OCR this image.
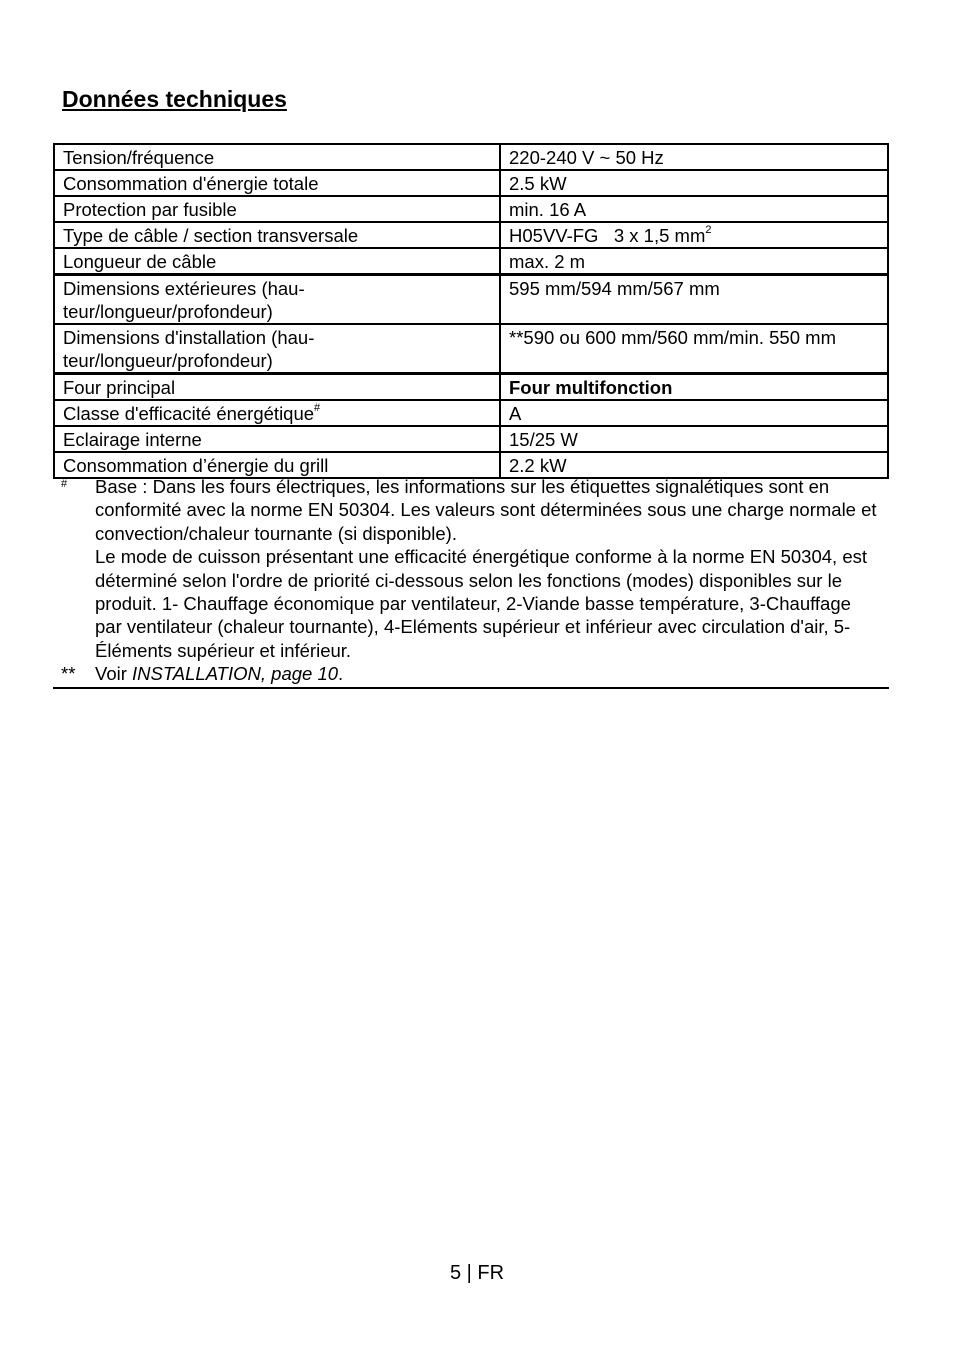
Données techniques
Tension/fréquence	220-240 V ~ 50 Hz
Consommation d'énergie totale	2.5 kW
Protection par fusible	min. 16 A
Type de câble / section transversale	H05VV-FG   3 x 1,5 $mm^2$
Longueur de câble	max. 2 m
Dimensions extérieures (hau-teur/longueur/profondeur)	595 mm/594 mm/567 mm
Dimensions d'installation (hau-teur/longueur/profondeur)	**590 ou 600 mm/560 mm/min. 550 mm
Four principal	Four multifonction
Classe d'efficacité énergétique#	A
Eclairage interne	15/25 W
Consommation d’énergie du grill	2.2 kW
#	Base : Dans les fours électriques, les informations sur les étiquettes signalétiques sont en conformité avec la norme EN 50304. Les valeurs sont déterminées sous une charge normale et convection/chaleur tournante (si disponible).

Le mode de cuisson présentant une efficacité énergétique conforme à la norme EN 50304, est déterminé selon l'ordre de priorité ci-dessous selon les fonctions (modes) disponibles sur le produit. 1- Chauffage économique par ventilateur, 2-Viande basse température, 3-Chauffage par ventilateur (chaleur tournante), 4-Eléments supérieur et inférieur avec circulation d'air, 5-Éléments supérieur et inférieur.

**	Voir INSTALLATION, page 10.
5 | FR
